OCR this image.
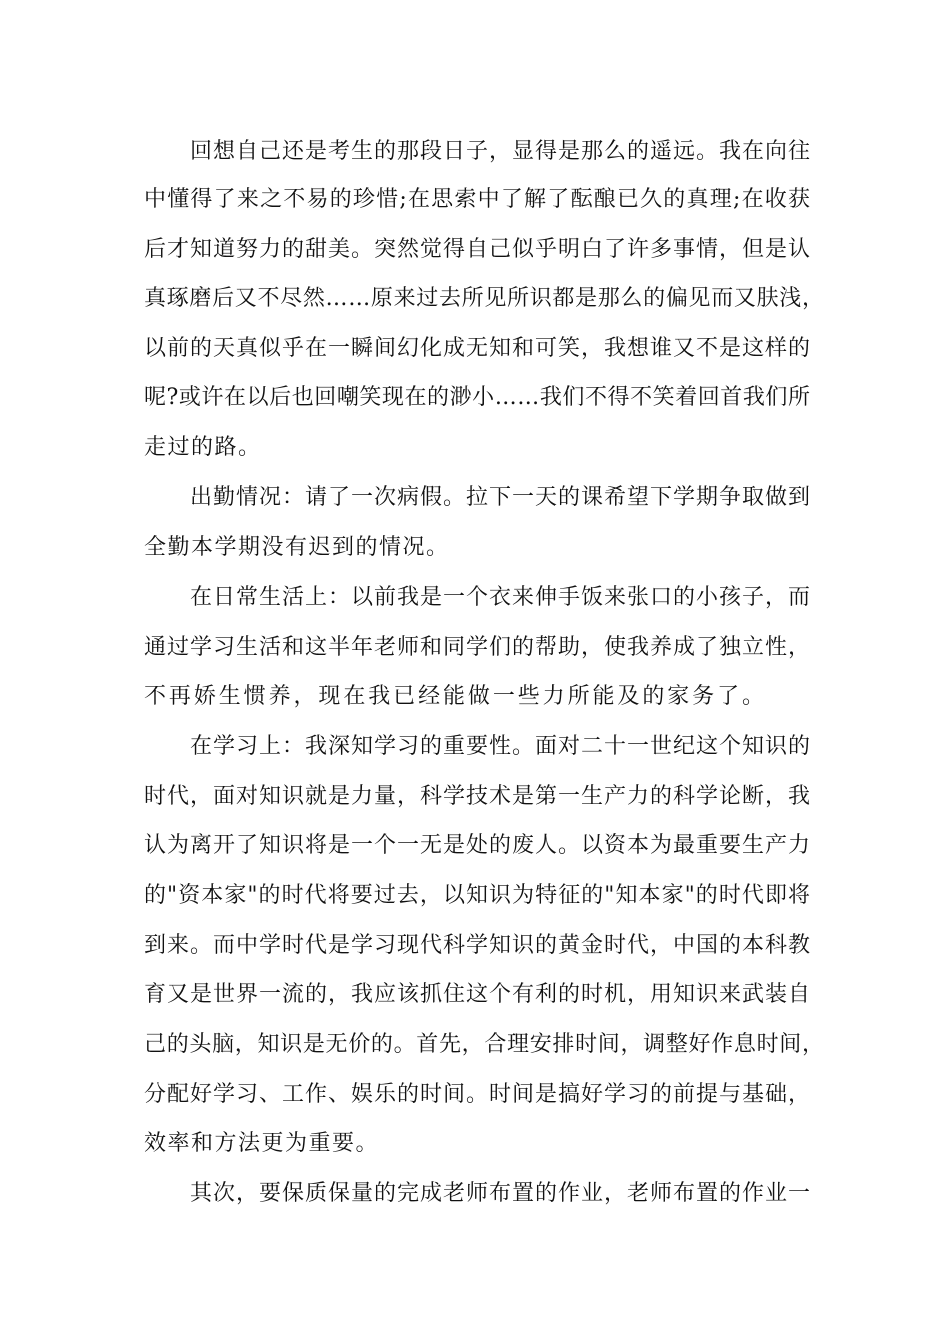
回想自己还是考生的那段日子，显得是那么的遥远。我在向往
中懂得了来之不易的珍惜;在思索中了解了酝酿已久的真理;在收获
后才知道努力的甜美。突然觉得自己似乎明白了许多事情，但是认
真琢磨后又不尽然……原来过去所见所识都是那么的偏见而又肤浅，
以前的天真似乎在一瞬间幻化成无知和可笑，我想谁又不是这样的
呢?或许在以后也回嘲笑现在的渺小……我们不得不笑着回首我们所
走过的路。
出勤情况：请了一次病假。拉下一天的课希望下学期争取做到
全勤本学期没有迟到的情况。
在日常生活上：以前我是一个衣来伸手饭来张口的小孩子，而
通过学习生活和这半年老师和同学们的帮助，使我养成了独立性，
不再娇生惯养，现在我已经能做一些力所能及的家务了。
在学习上：我深知学习的重要性。面对二十一世纪这个知识的
时代，面对知识就是力量，科学技术是第一生产力的科学论断，我
认为离开了知识将是一个一无是处的废人。以资本为最重要生产力
的"资本家"的时代将要过去，以知识为特征的"知本家"的时代即将
到来。而中学时代是学习现代科学知识的黄金时代，中国的本科教
育又是世界一流的，我应该抓住这个有利的时机，用知识来武装自
己的头脑，知识是无价的。首先，合理安排时间，调整好作息时间，
分配好学习、工作、娱乐的时间。时间是搞好学习的前提与基础，
效率和方法更为重要。
其次，要保质保量的完成老师布置的作业，老师布置的作业一
